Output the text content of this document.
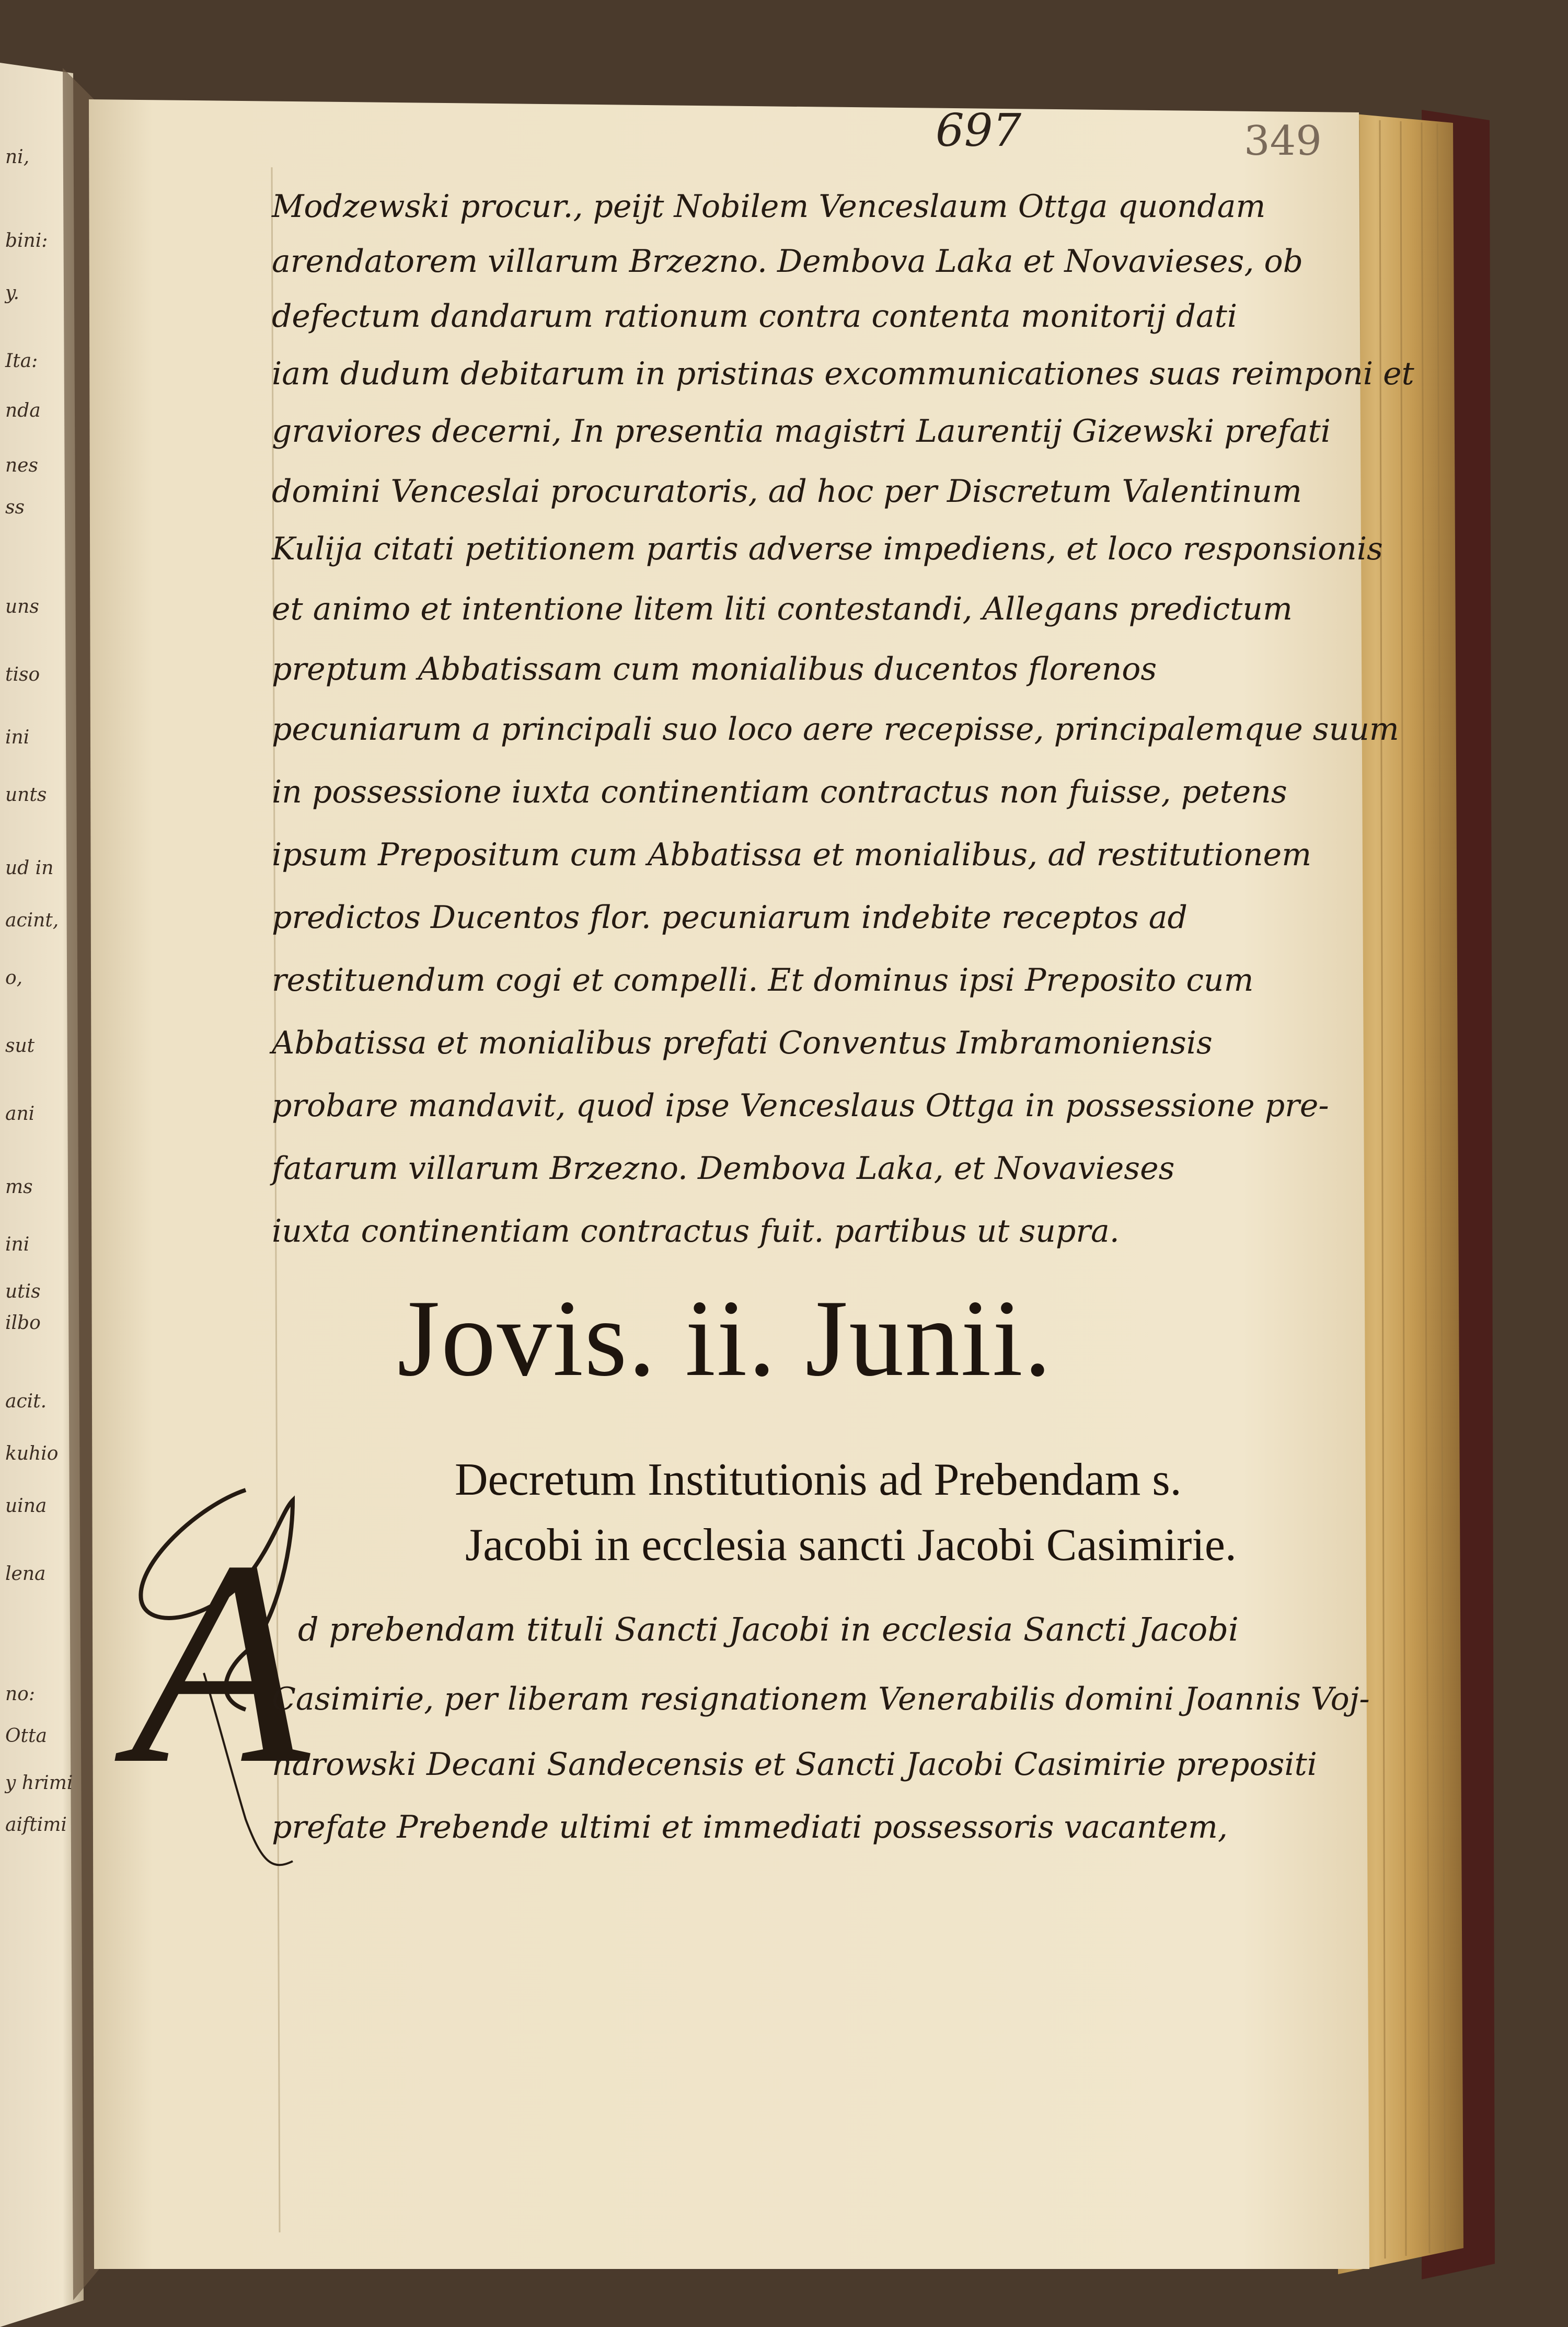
697	349
ni,
bini:
y.
Ita:
nda
nes
ss
uns
tiso
ini
unts
ud in
acint,
o,
sut
ani
ms
ini
utis
ilbo
acit.
kuhio
uina
lena
no:
Otta
y hrimi
aiftimi
Modzewski procur., peijt Nobilem Venceslaum Ottga quondam
arendatorem villarum Brzezno. Dembova Laka et Novavieses, ob
defectum dandarum rationum contra contenta monitorij dati
iam dudum debitarum in pristinas excommunicationes suas reimponi et
graviores decerni, In presentia magistri Laurentij Gizewski prefati
domini Venceslai procuratoris, ad hoc per Discretum Valentinum
Kulija citati petitionem partis adverse impediens, et loco responsionis
et animo et intentione litem liti contestandi, Allegans predictum
preptum Abbatissam cum monialibus ducentos florenos
pecuniarum a principali suo loco aere recepisse, principalemque suum
in possessione iuxta continentiam contractus non fuisse, petens
ipsum Prepositum cum Abbatissa et monialibus, ad restitutionem
predictos Ducentos flor. pecuniarum indebite receptos ad
restituendum cogi et compelli. Et dominus ipsi Preposito cum
Abbatissa et monialibus prefati Conventus Imbramoniensis
probare mandavit, quod ipse Venceslaus Ottga in possessione pre-
fatarum villarum Brzezno. Dembova Laka, et Novavieses
iuxta continentiam contractus fuit. partibus ut supra.
Jovis. ii. Junii.
Decretum Institutionis ad Prebendam s.
Jacobi in ecclesia sancti Jacobi Casimirie.
A
d prebendam tituli Sancti Jacobi in ecclesia Sancti Jacobi
Casimirie, per liberam resignationem Venerabilis domini Joannis Voj-
narowski Decani Sandecensis et Sancti Jacobi Casimirie prepositi
prefate Prebende ultimi et immediati possessoris vacantem,
